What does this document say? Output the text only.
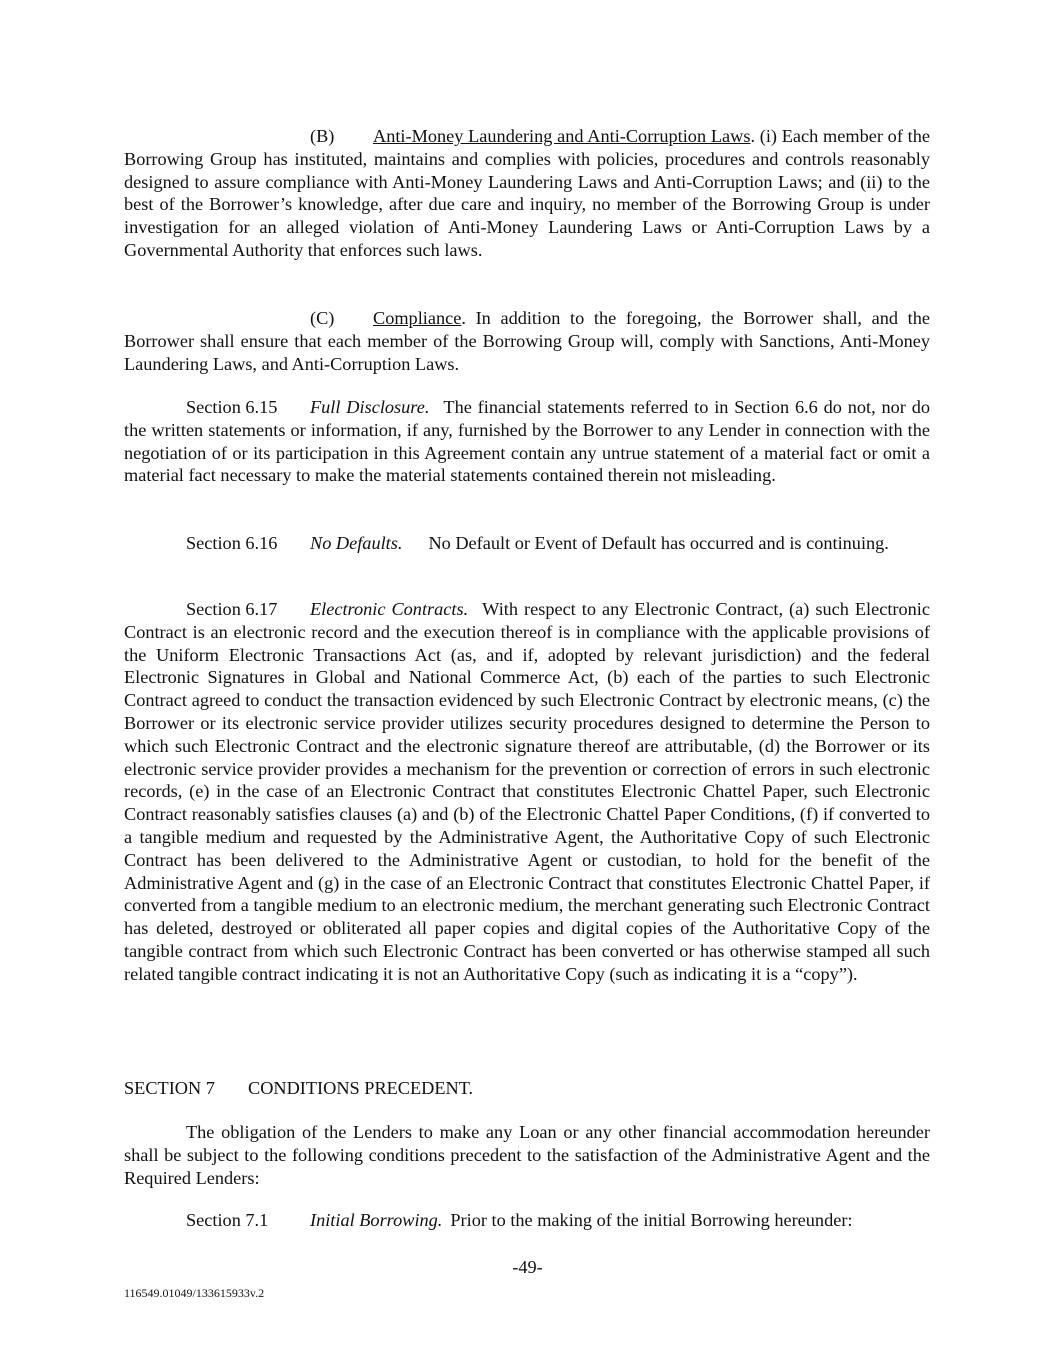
(B) Anti-Money Laundering and Anti-Corruption Laws. (i) Each member of the Borrowing Group has instituted, maintains and complies with policies, procedures and controls reasonably designed to assure compliance with Anti-Money Laundering Laws and Anti-Corruption Laws; and (ii) to the best of the Borrower’s knowledge, after due care and inquiry, no member of the Borrowing Group is under investigation for an alleged violation of Anti-Money Laundering Laws or Anti-Corruption Laws by a Governmental Authority that enforces such laws.

(C) Compliance. In addition to the foregoing, the Borrower shall, and the Borrower shall ensure that each member of the Borrowing Group will, comply with Sanctions, Anti-Money Laundering Laws, and Anti-Corruption Laws.

Section 6.15 Full Disclosure. The financial statements referred to in Section 6.6 do not, nor do the written statements or information, if any, furnished by the Borrower to any Lender in connection with the negotiation of or its participation in this Agreement contain any untrue statement of a material fact or omit a material fact necessary to make the material statements contained therein not misleading.

Section 6.16 No Defaults. No Default or Event of Default has occurred and is continuing.

Section 6.17 Electronic Contracts. With respect to any Electronic Contract, (a) such Electronic Contract is an electronic record and the execution thereof is in compliance with the applicable provisions of the Uniform Electronic Transactions Act (as, and if, adopted by relevant jurisdiction) and the federal Electronic Signatures in Global and National Commerce Act, (b) each of the parties to such Electronic Contract agreed to conduct the transaction evidenced by such Electronic Contract by electronic means, (c) the Borrower or its electronic service provider utilizes security procedures designed to determine the Person to which such Electronic Contract and the electronic signature thereof are attributable, (d) the Borrower or its electronic service provider provides a mechanism for the prevention or correction of errors in such electronic records, (e) in the case of an Electronic Contract that constitutes Electronic Chattel Paper, such Electronic Contract reasonably satisfies clauses (a) and (b) of the Electronic Chattel Paper Conditions, (f) if converted to a tangible medium and requested by the Administrative Agent, the Authoritative Copy of such Electronic Contract has been delivered to the Administrative Agent or custodian, to hold for the benefit of the Administrative Agent and (g) in the case of an Electronic Contract that constitutes Electronic Chattel Paper, if converted from a tangible medium to an electronic medium, the merchant generating such Electronic Contract has deleted, destroyed or obliterated all paper copies and digital copies of the Authoritative Copy of the tangible contract from which such Electronic Contract has been converted or has otherwise stamped all such related tangible contract indicating it is not an Authoritative Copy (such as indicating it is a “copy”).

SECTION 7 CONDITIONS PRECEDENT.

The obligation of the Lenders to make any Loan or any other financial accommodation hereunder shall be subject to the following conditions precedent to the satisfaction of the Administrative Agent and the Required Lenders:

Section 7.1 Initial Borrowing. Prior to the making of the initial Borrowing hereunder:

-49-

116549.01049/133615933v.2
